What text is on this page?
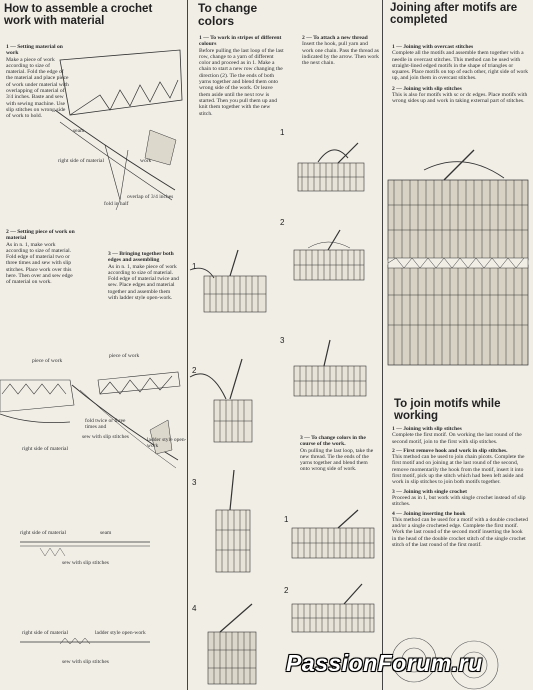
How to assemble a crochet work with material

1 — Setting material on work

Make a piece of work according to size of material. Fold the edge of the material and place piece of work under material with overlapping of material of 3/4 inches. Baste and sew with sewing machine. Use slip stitches on wrong side of work to hold.

seam
right side of material	work
fold in half
overlap of 3/4 inches

2 — Setting piece of work on material

As in n. 1, make work according to size of material. Fold edge of material two or three times and sew with slip stitches. Place work over this here. Then over and sew edge of material on work.

3 — Bringing together both edges and assembling

As in n. 1, make piece of work according to size of material. Fold edge of material twice and sew. Place edges and material together and assemble them with ladder style open-work.

piece of work
piece of work
fold twice or three times and
sew with slip stitches
right side of material
ladder style open-work
right side of material	seam
sew with slip stitches
right side of material	ladder style open-work
sew with slip stitches
To change colors

1 — To work in stripes of different colours

Before pulling the last loop of the last row, change to a yarn of different color and proceed as in 1. Make a chain to start a new row changing the direction (2). Tie the ends of both yarns together and blend them onto wrong side of the work. Or leave them aside until the next row is started. Then you pull them up and knit them together with the new stitch.

2 — To attach a new thread

Insert the hook, pull yarn and work one chain. Pass the thread as indicated by the arrow. Then work the next chain.

1
2
3
1
2
3
4

3 — To change colors in the course of the work.

On pulling the last loop, take the new thread. Tie the ends of the yarns together and blend them onto wrong side of work.

1
2
Joining after motifs are completed

1 — Joining with overcast stitches

Complete all the motifs and assemble them together with a needle in overcast stitches. This method can be used with straight-lined edged motifs in the shape of triangles or squares. Place motifs on top of each other, right side of work up, and join them in overcast stitches.

2 — Joining with slip stitches

This is also for motifs with sc or dc edges. Place motifs with wrong sides up and work in taking external part of stitches.

To join motifs while working

1 — Joining with slip stitches

Complete the first motif. On working the last round of the second motif, join to the first with slip stitches.

2 — First remove hook and work in slip stitches.

This method can be used to join chain picots. Complete the first motif and on joining at the last round of the second, remove momentarily the hook from the motif, insert it into first motif, pick up the stitch which had been left aside and work in slip stitches to join both motifs together.

3 — Joining with single crochet

Proceed as in 1, but work with single crochet instead of slip stitches.

4 — Joining inserting the hook

This method can be used for a motif with a double crocheted and/or a single crocheted edge. Complete the first motif. Work the last round of the second motif inserting the hook in the head of the double crochet stitch of the single crochet stitch of the last round of the first motif.

PassionForum.ru
